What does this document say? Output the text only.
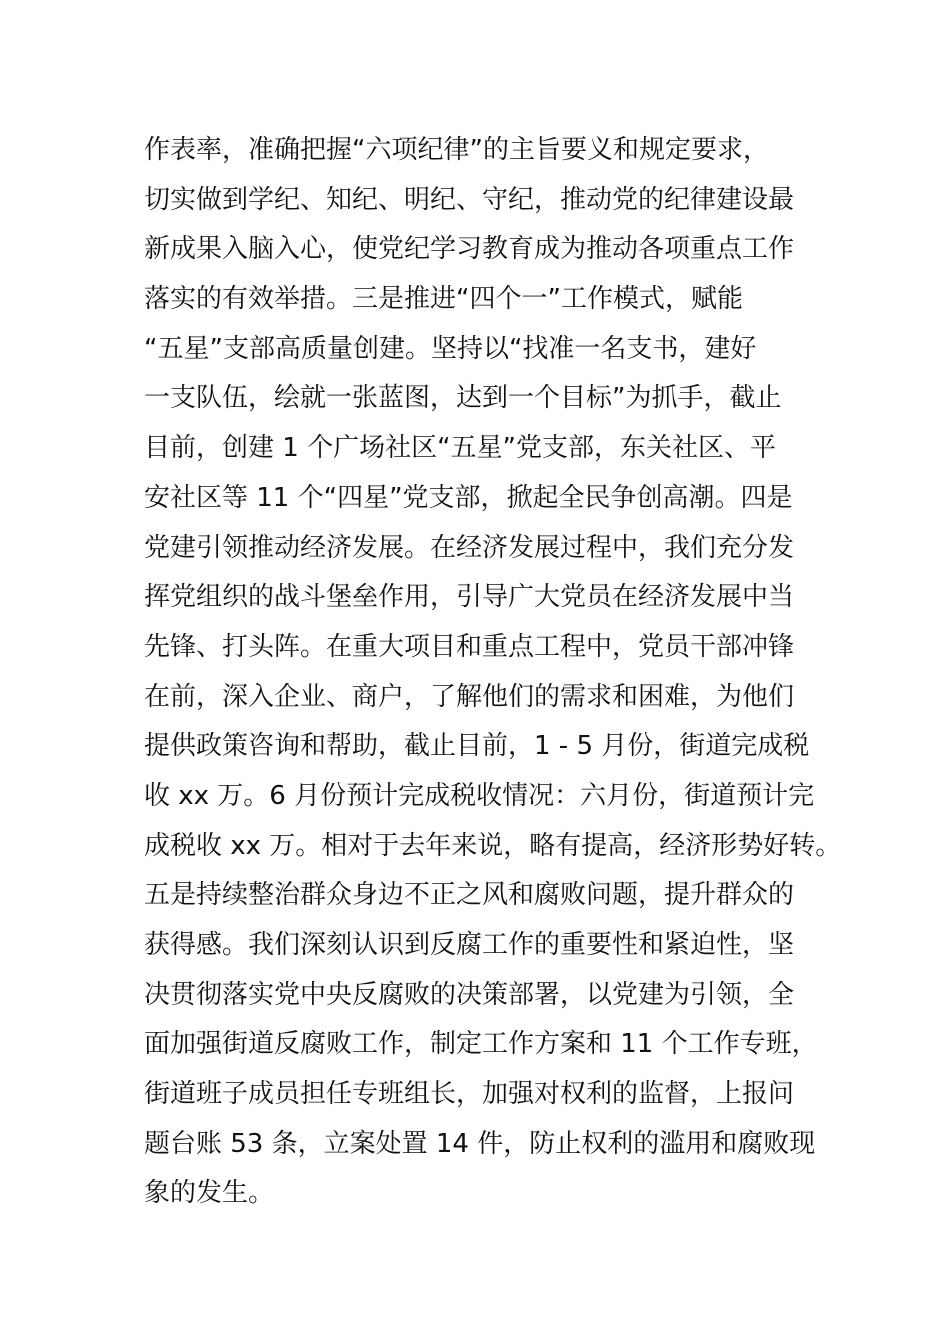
作表率，准确把握“六项纪律”的主旨要义和规定要求，
切实做到学纪、知纪、明纪、守纪，推动党的纪律建设最
新成果入脑入心，使党纪学习教育成为推动各项重点工作
落实的有效举措。三是推进“四个一”工作模式，赋能
“五星”支部高质量创建。坚持以“找准一名支书，建好
一支队伍，绘就一张蓝图，达到一个目标”为抓手，截止
目前，创建 1 个广场社区“五星”党支部，东关社区、平
安社区等 11 个“四星”党支部，掀起全民争创高潮。四是
党建引领推动经济发展。在经济发展过程中，我们充分发
挥党组织的战斗堡垒作用，引导广大党员在经济发展中当
先锋、打头阵。在重大项目和重点工程中，党员干部冲锋
在前，深入企业、商户，了解他们的需求和困难，为他们
提供政策咨询和帮助，截止目前，1 - 5 月份，街道完成税
收 xx 万。6 月份预计完成税收情况：六月份，街道预计完
成税收 xx 万。相对于去年来说，略有提高，经济形势好转。
五是持续整治群众身边不正之风和腐败问题，提升群众的
获得感。我们深刻认识到反腐工作的重要性和紧迫性，坚
决贯彻落实党中央反腐败的决策部署，以党建为引领，全
面加强街道反腐败工作，制定工作方案和 11 个工作专班，
街道班子成员担任专班组长，加强对权利的监督，上报问
题台账 53 条，立案处置 14 件，防止权利的滥用和腐败现
象的发生。
